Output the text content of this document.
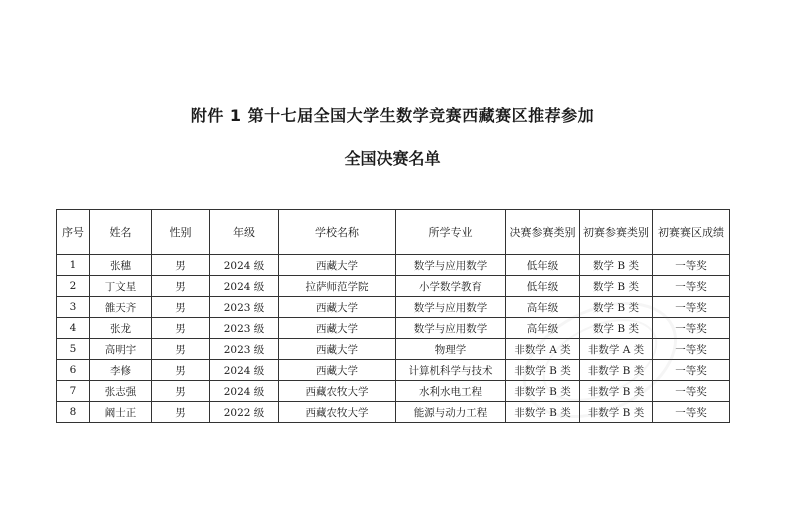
附件 1 第十七届全国大学生数学竞赛西藏赛区推荐参加
全国决赛名单
序号	姓名	性别	年级	学校名称	所学专业	决赛参赛类别	初赛参赛类别	初赛赛区成绩
1	张穗	男	2024 级	西藏大学	数学与应用数学	低年级	数学 B 类	一等奖
2	丁文星	男	2024 级	拉萨师范学院	小学数学教育	低年级	数学 B 类	一等奖
3	雒天齐	男	2023 级	西藏大学	数学与应用数学	高年级	数学 B 类	一等奖
4	张龙	男	2023 级	西藏大学	数学与应用数学	高年级	数学 B 类	一等奖
5	高明宇	男	2023 级	西藏大学	物理学	非数学 A 类	非数学 A 类	一等奖
6	李修	男	2024 级	西藏大学	计算机科学与技术	非数学 B 类	非数学 B 类	一等奖
7	张志强	男	2024 级	西藏农牧大学	水利水电工程	非数学 B 类	非数学 B 类	一等奖
8	阚士正	男	2022 级	西藏农牧大学	能源与动力工程	非数学 B 类	非数学 B 类	一等奖
